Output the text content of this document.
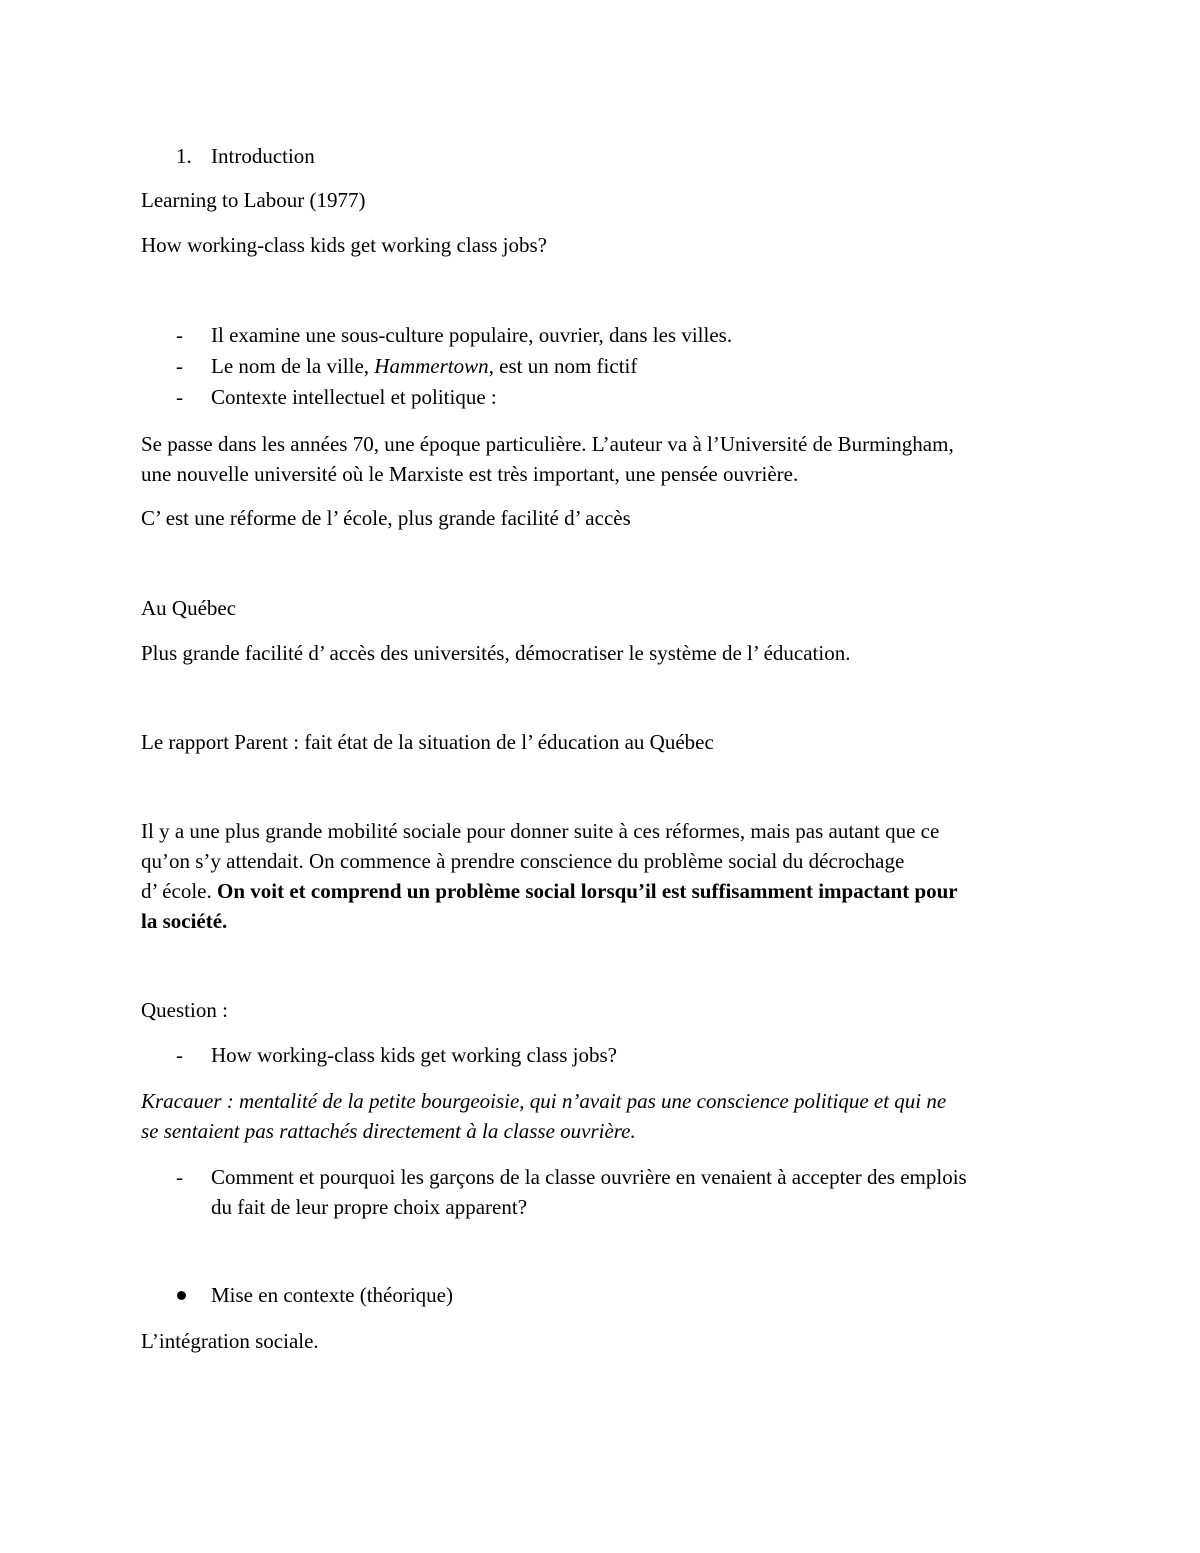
1. Introduction
Learning to Labour (1977)
How working-class kids get working class jobs?
-	Il examine une sous-culture populaire, ouvrier, dans les villes.
-	Le nom de la ville, Hammertown, est un nom fictif
-	Contexte intellectuel et politique :
Se passe dans les années 70, une époque particulière. L’auteur va à l’Université de Burmingham,
une nouvelle université où le Marxiste est très important, une pensée ouvrière.
C’ est une réforme de l’ école, plus grande facilité d’ accès
Au Québec
Plus grande facilité d’ accès des universités, démocratiser le système de l’ éducation.
Le rapport Parent : fait état de la situation de l’ éducation au Québec
Il y a une plus grande mobilité sociale pour donner suite à ces réformes, mais pas autant que ce
qu’on s’y attendait. On commence à prendre conscience du problème social du décrochage
d’ école. On voit et comprend un problème social lorsqu’il est suffisamment impactant pour
la société.
Question :
-	How working-class kids get working class jobs?
Kracauer : mentalité de la petite bourgeoisie, qui n’avait pas une conscience politique et qui ne
se sentaient pas rattachés directement à la classe ouvrière.
-	Comment et pourquoi les garçons de la classe ouvrière en venaient à accepter des emplois
du fait de leur propre choix apparent?
Mise en contexte (théorique)
L’intégration sociale.
